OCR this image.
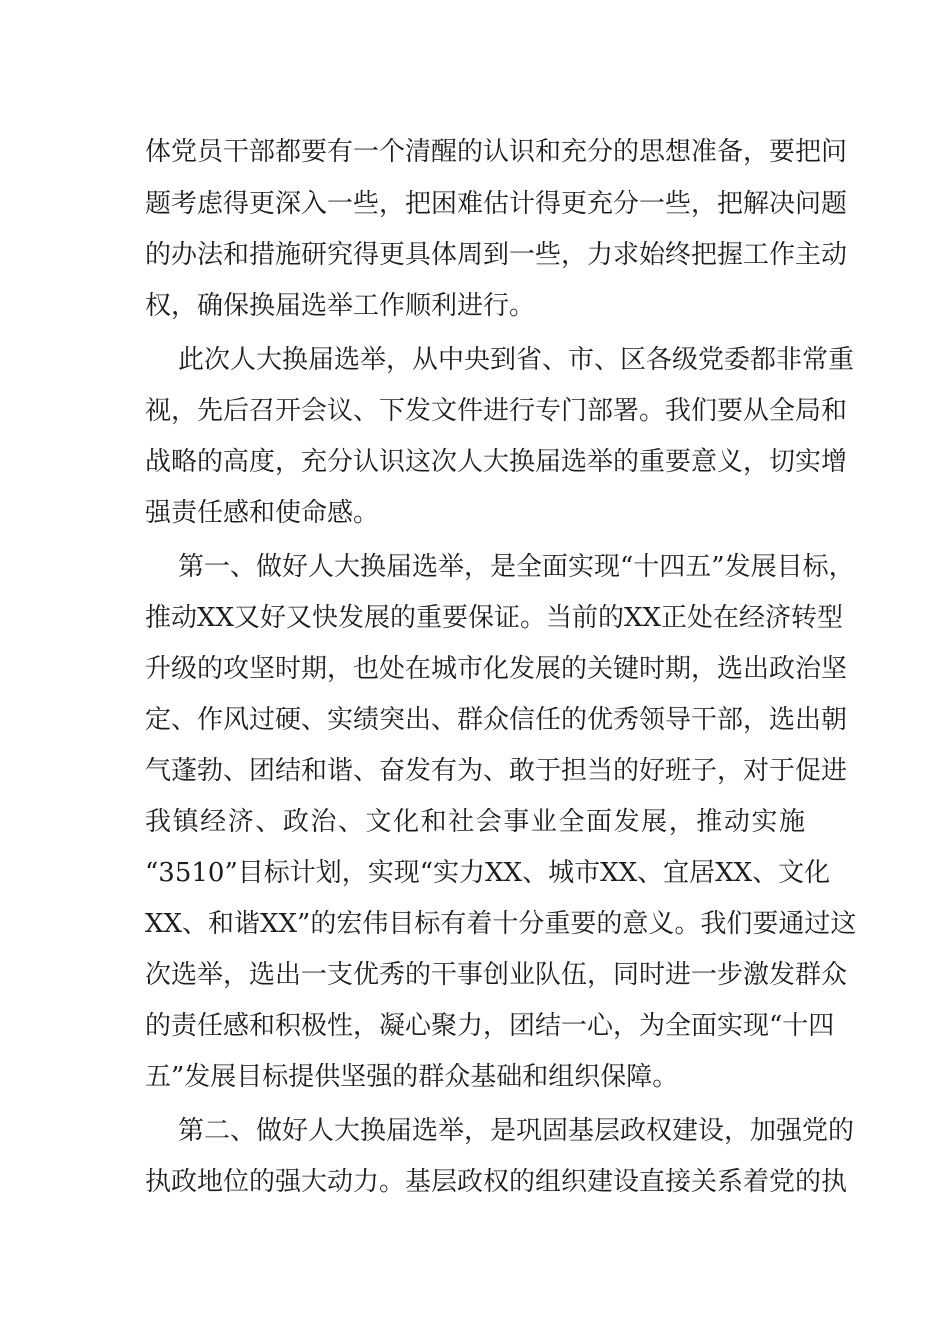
体党员干部都要有一个清醒的认识和充分的思想准备，要把问
题考虑得更深入一些，把困难估计得更充分一些，把解决问题
的办法和措施研究得更具体周到一些，力求始终把握工作主动
权，确保换届选举工作顺利进行。
此次人大换届选举，从中央到省、市、区各级党委都非常重
视，先后召开会议、下发文件进行专门部署。我们要从全局和
战略的高度，充分认识这次人大换届选举的重要意义，切实增
强责任感和使命感。
第一、做好人大换届选举，是全面实现“十四五”发展目标，
推动XX又好又快发展的重要保证。当前的XX正处在经济转型
升级的攻坚时期，也处在城市化发展的关键时期，选出政治坚
定、作风过硬、实绩突出、群众信任的优秀领导干部，选出朝
气蓬勃、团结和谐、奋发有为、敢于担当的好班子，对于促进
我镇经济、政治、文化和社会事业全面发展，推动实施
“3510”目标计划，实现“实力XX、城市XX、宜居XX、文化
XX、和谐XX”的宏伟目标有着十分重要的意义。我们要通过这
次选举，选出一支优秀的干事创业队伍，同时进一步激发群众
的责任感和积极性，凝心聚力，团结一心，为全面实现“十四
五”发展目标提供坚强的群众基础和组织保障。
第二、做好人大换届选举，是巩固基层政权建设，加强党的
执政地位的强大动力。基层政权的组织建设直接关系着党的执
